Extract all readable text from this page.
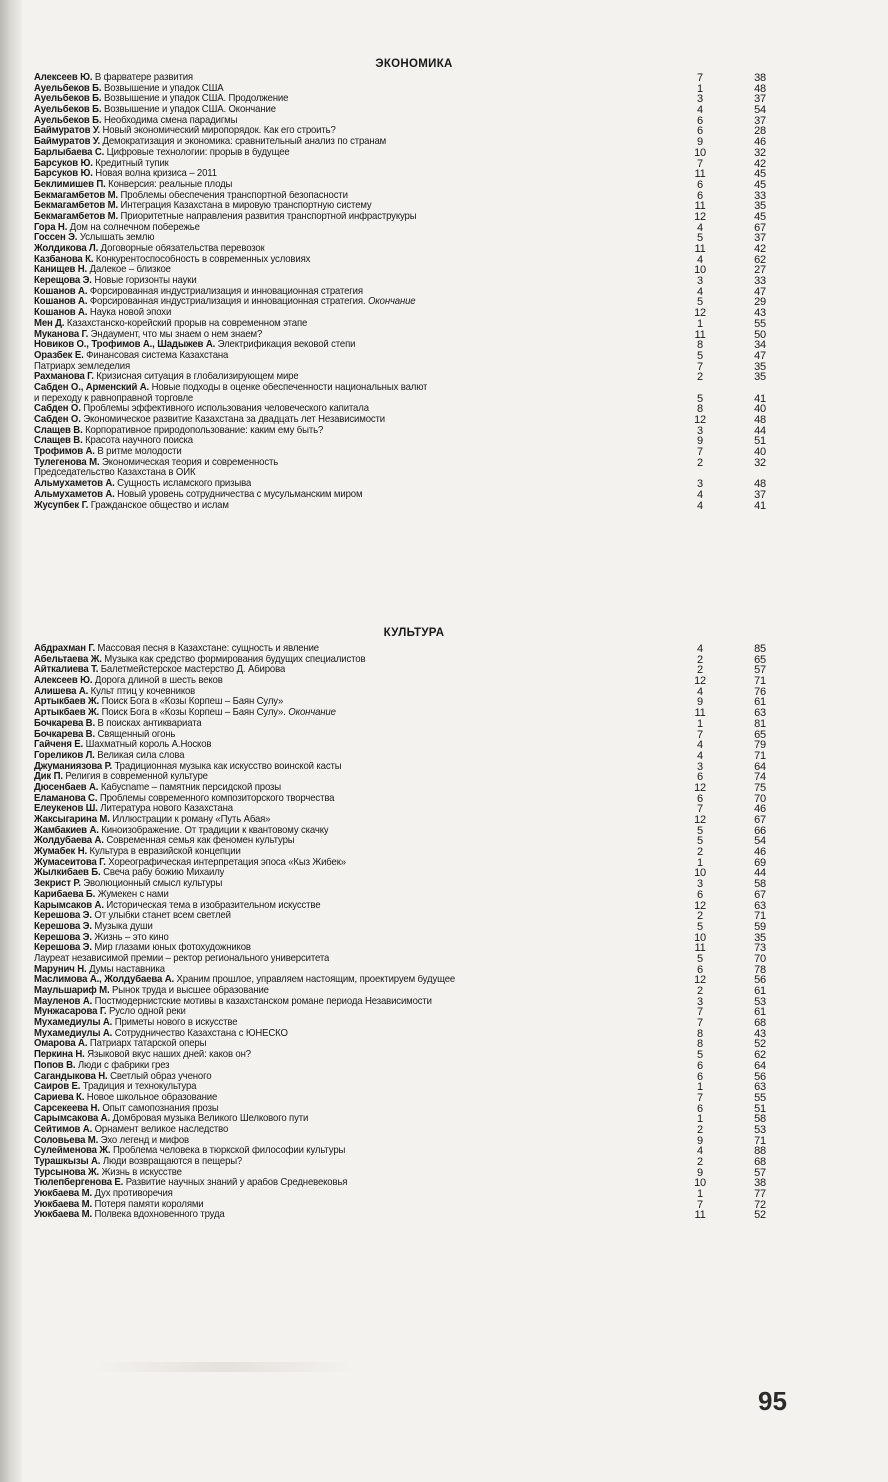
ЭКОНОМИКА
Алексеев Ю. В фарватере развития	7	38
Ауельбеков Б. Возвышение и упадок США	1	48
Ауельбеков Б. Возвышение и упадок США. Продолжение	3	37
Ауельбеков Б. Возвышение и упадок США. Окончание	4	54
Ауельбеков Б. Необходима смена парадигмы	6	37
Баймуратов У. Новый экономический миропорядок. Как его строить?	6	28
Баймуратов У. Демократизация и экономика: сравнительный анализ по странам	9	46
Барлыбаева С. Цифровые технологии: прорыв в будущее	10	32
Барсуков Ю. Кредитный тупик	7	42
Барсуков Ю. Новая волна кризиса – 2011	11	45
Беклимишев П. Конверсия: реальные плоды	6	45
Бекмагамбетов М. Проблемы обеспечения транспортной безопасности	6	33
Бекмагамбетов М. Интеграция Казахстана в мировую транспортную систему	11	35
Бекмагамбетов М. Приоритетные направления развития транспортной инфраструкуры	12	45
Гора Н. Дом на солнечном побережье	4	67
Госсен Э. Услышать землю	5	37
Жолдикова Л. Договорные обязательства перевозок	11	42
Казбанова К. Конкурентоспособность в современных условиях	4	62
Канищев Н. Далекое – близкое	10	27
Керещова Э. Новые горизонты науки	3	33
Кошанов А. Форсированная индустриализация и инновационная стратегия	4	47
Кошанов А. Форсированная индустриализация и инновационная стратегия. Окончание	5	29
Кошанов А. Наука новой эпохи	12	43
Мен Д. Казахстанско-корейский прорыв на современном этапе	1	55
Муканова Г. Эндаумент, что мы знаем о нем знаем?	11	50
Новиков О., Трофимов А., Шадыжев А. Электрификация вековой степи	8	34
Оразбек Е. Финансовая система Казахстана	5	47
Патриарх земледелия	7	35
Рахманова Г. Кризисная ситуация в глобализирующем мире	2	35
Сабден О., Арменский А. Новые подходы в оценке обеспеченности национальных валют
и переходу к равноправной торговле	5	41
Сабден О. Проблемы эффективного использования человеческого капитала	8	40
Сабден О. Экономическое развитие Казахстана за двадцать лет Независимости	12	48
Слащев В. Корпоративное природопользование: каким ему быть?	3	44
Слащев В. Красота научного поиска	9	51
Трофимов А. В ритме молодости	7	40
Тулегенова М. Экономическая теория и современность	2	32
Председательство Казахстана в ОИК
Альмухаметов А. Сущность исламского призыва	3	48
Альмухаметов А. Новый уровень сотрудничества с мусульманским миром	4	37
Жусупбек Г. Гражданское общество и ислам	4	41
КУЛЬТУРА
Абдрахман Г. Массовая песня в Казахстане: сущность и явление	4	85
Абельтаева Ж. Музыка как средство формирования будущих специалистов	2	65
Айткалиева Т. Балетмейстерское мастерство Д. Абирова	2	57
Алексеев Ю. Дорога длиной в шесть веков	12	71
Алишева А. Культ птиц у кочевников	4	76
Артыкбаев Ж. Поиск Бога в «Козы Корпеш – Баян Сулу»	9	61
Артыкбаев Ж. Поиск Бога в «Козы Корпеш – Баян Сулу». Окончание	11	63
Бочкарева В. В поисках антиквариата	1	81
Бочкарева В. Священный огонь	7	65
Гайченя Е. Шахматный король А.Носков	4	79
Гореликов Л. Великая сила слова	4	71
Джуманиязова Р. Традиционная музыка как искусство воинской касты	3	64
Дик П. Религия в современной культуре	6	74
Дюсенбаев А. Кабусname – памятник персидской прозы	12	75
Еламанова С. Проблемы современного композиторского творчества	6	70
Елеукенов Ш. Литература нового Казахстана	7	46
Жаксыгарина М. Иллюстрации к роману «Путь Абая»	12	67
Жамбакиев А. Киноизображение. От традиции к квантовому скачку	5	66
Жолдубаева А. Современная семья как феномен культуры	5	54
Жумабек Н. Культура в евразийской концепции	2	46
Жумасеитова Г. Хореографическая интерпретация эпоса «Кыз Жибек»	1	69
Жылкибаев Б. Свеча рабу божию Михаилу	10	44
Зекрист Р. Эволюционный смысл культуры	3	58
Карибаева Б. Жумекен с нами	6	67
Карымсаков А. Историческая тема в изобразительном искусстве	12	63
Керешова Э. От улыбки станет всем светлей	2	71
Керешова Э. Музыка души	5	59
Керешова Э. Жизнь – это кино	10	35
Керешова Э. Мир глазами юных фотохудожников	11	73
Лауреат независимой премии – ректор регионального университета	5	70
Марунич Н. Думы наставника	6	78
Маслимова А., Жолдубаева А. Храним прошлое, управляем настоящим, проектируем будущее	12	56
Маульшариф М. Рынок труда и высшее образование	2	61
Мауленов А. Постмодернистские мотивы в казахстанском романе периода Независимости	3	53
Мунжасарова Г. Русло одной реки	7	61
Мухамедиулы А. Приметы нового в искусстве	7	68
Мухамедиулы А. Сотрудничество Казахстана с ЮНЕСКО	8	43
Омарова А. Патриарх татарской оперы	8	52
Перкина Н. Языковой вкус наших дней: каков он?	5	62
Попов В. Люди с фабрики грез	6	64
Сагандыкова Н. Светлый образ ученого	6	56
Саиров Е. Традиция и технокультура	1	63
Сариева К. Новое школьное образование	7	55
Сарсекеева Н. Опыт самопознания прозы	6	51
Сарымсакова А. Домбровая музыка Великого Шелкового пути	1	58
Сейтимов А. Орнамент великое наследство	2	53
Соловьева М. Эхо легенд и мифов	9	71
Сулейменова Ж. Проблема человека в тюркской философии культуры	4	88
Турашкызы А. Люди возвращаются в пещеры?	2	68
Турсынова Ж. Жизнь в искусстве	9	57
Тюлепбергенова Е. Развитие научных знаний у арабов Средневековья	10	38
Уюкбаева М. Дух противоречия	1	77
Уюкбаева М. Потеря памяти королями	7	72
Уюкбаева М. Полвека вдохновенного труда	11	52
95
